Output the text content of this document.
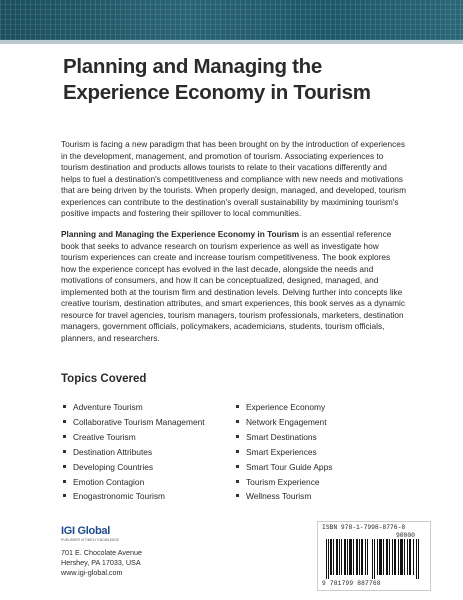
Planning and Managing the
Experience Economy in Tourism

Tourism is facing a new paradigm that has been brought on by the introduction of experiences in the development, management, and promotion of tourism. Associating experiences to tourism destination and products allows tourists to relate to their vacations differently and helps to fuel a destination's competitiveness and compliance with new needs and motivations that are being driven by the tourists. When properly design, managed, and developed, tourism experiences can contribute to the destination's overall sustainability by maximining tourism's positive impacts and fostering their spillover to local communities.

Planning and Managing the Experience Economy in Tourism is an essential reference book that seeks to advance research on tourism experience as well as investigate how tourism experiences can create and increase tourism competitiveness. The book explores how the experience concept has evolved in the last decade, alongside the needs and motivations of consumers, and how it can be conceptualized, designed, managed, and implemented both at the tourism firm and destination levels. Delving further into concepts like creative tourism, destination attributes, and smart experiences, this book serves as a dynamic resource for travel agencies, tourism managers, tourism professionals, marketers, destination managers, government officials, policymakers, academicians, students, tourism officials, planners, and researchers.

Topics Covered
Adventure Tourism
Collaborative Tourism Management
Creative Tourism
Destination Attributes
Developing Countries
Emotion Contagion
Enogastronomic Tourism
Experience Economy
Network Engagement
Smart Destinations
Smart Experiences
Smart Tour Guide Apps
Tourism Experience
Wellness Tourism
IGI Global
PUBLISHER of TIMELY KNOWLEDGE

701 E. Chocolate Avenue
Hershey, PA 17033, USA
www.igi-global.com

ISBN 978-1-7998-8776-8
90000
9 781799 887768
